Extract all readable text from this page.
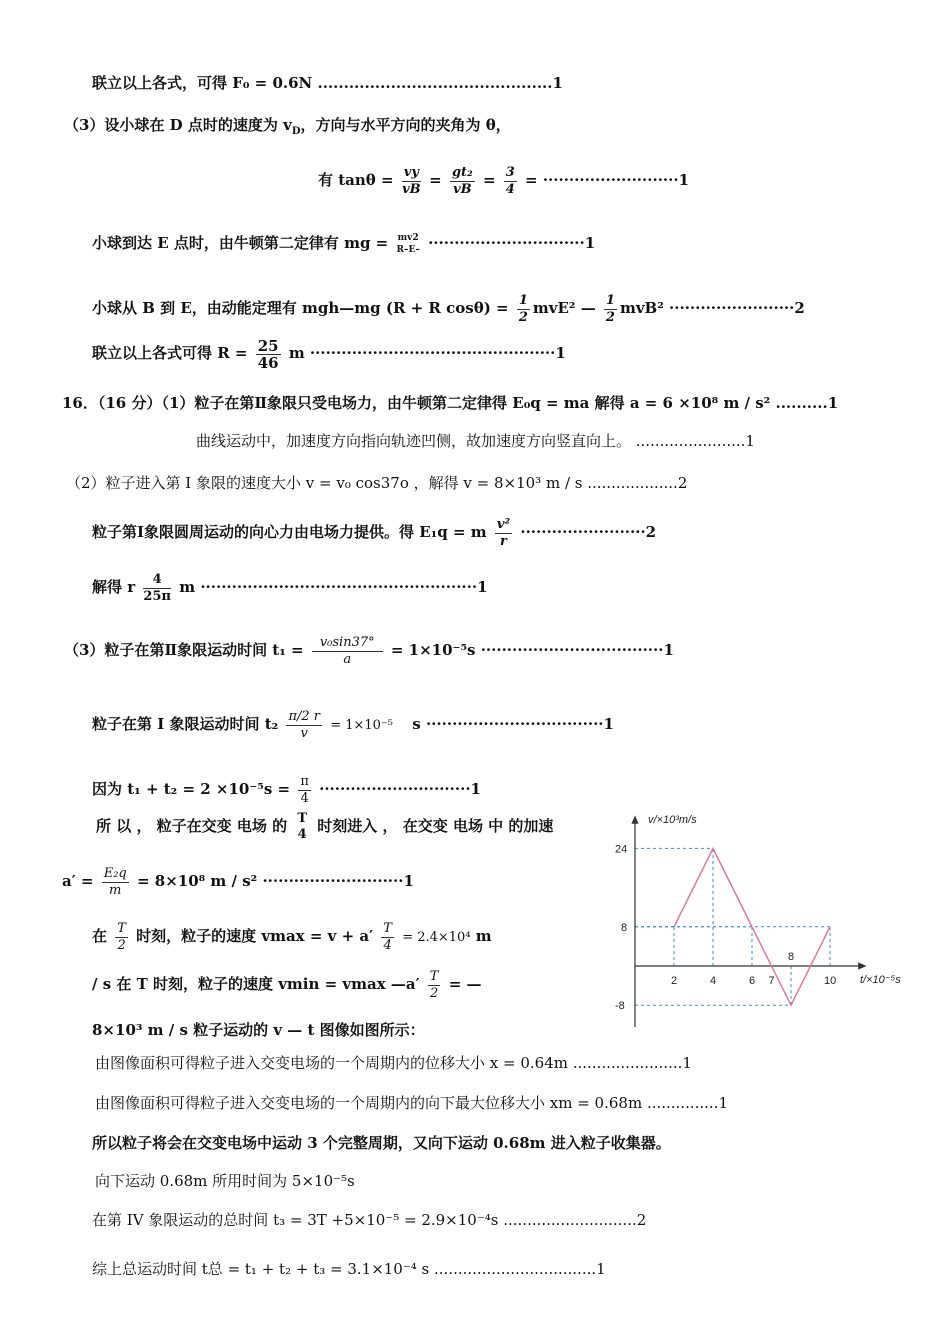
联立以上各式，可得 F₀ = 0.6N .............................................1
（3）设小球在 D 点时的速度为 $v_D$，方向与水平方向的夹角为 θ，
有 $\tan\theta = \frac{vy}{vB} = \frac{\text{gt₂}}{vB} = \frac{3}{4} = \cdot\cdot\cdot\cdot\cdot\cdot\cdot\cdot\cdot\cdot\cdot\cdot\cdot\cdot\cdot\cdot\cdot\cdot\cdot\cdot\cdot\cdot\cdot\cdot\cdot\cdot 1$
小球到达 E 点时，由牛顿第二定律有 mg = mv2
R–E– ······························1
小球从 B 到 E，由动能定理有 mgh—mg (R + R $\cos\theta) = \frac{1}{2} mvE^2$ — $\frac{1}{2} mvB^2 \cdot\cdot\cdot\cdot\cdot\cdot\cdot\cdot\cdot\cdot\cdot\cdot\cdot\cdot\cdot\cdot\cdot\cdot\cdot\cdot\cdot\cdot\cdot\cdot 2$
联立以上各式可得 $R = \frac{25}{46}$ m ···············································1
16．（16 分）（1）粒子在第Ⅱ象限只受电场力，由牛顿第二定律得 E₀q = ma 解得 a = 6 ×10⁸ m / s² ..........1
曲线运动中，加速度方向指向轨迹凹侧，故加速度方向竖直向上。 .......................1
（2）粒子进入第 I 象限的速度大小 v = v₀ cos37o ，解得 v = 8×10³ m / s ...................2
粒子第Ⅰ象限圆周运动的向心力由电场力提供。得 E₁q = m $\frac{\text{v²}}{r} \cdot\cdot\cdot\cdot\cdot\cdot\cdot\cdot\cdot\cdot\cdot\cdot\cdot\cdot\cdot\cdot\cdot\cdot\cdot\cdot\cdot\cdot\cdot\cdot 2$
解得 r $\frac{4}{25\pi}$ m ·····················································1
（3）粒子在第Ⅱ象限运动时间 $t_1 = \frac{\text{v₀sin37°}}{a} = 1\times 10^{-5}s \cdot\cdot\cdot\cdot\cdot\cdot\cdot\cdot\cdot\cdot\cdot\cdot\cdot\cdot\cdot\cdot\cdot\cdot\cdot\cdot\cdot\cdot\cdot\cdot\cdot\cdot\cdot\cdot\cdot\cdot\cdot\cdot\cdot\cdot\cdot 1$
粒子在第 I 象限运动时间 $t_2 \frac{\pi/2 r}{v} = 1\times 10^{-5}$ s ··································1
因为 $t_1 + t_2 = 2 \times 10^{-5}s = \frac{\pi}{4} \cdot\cdot\cdot\cdot\cdot\cdot\cdot\cdot\cdot\cdot\cdot\cdot\cdot\cdot\cdot\cdot\cdot\cdot\cdot\cdot\cdot\cdot\cdot\cdot\cdot\cdot\cdot\cdot\cdot 1$
所 以 ， 粒子在交变 电场 的 T
4 时刻进入 ， 在交变 电场 中 的加速
$a' = \frac{\text{E₂q}}{m} = 8\times 10^8$ m / s² ···························1
在 $\frac{T}{2}$ 时刻，粒子的速度 $vmax = v + a' \frac{T}{4} = 2.4\times 10^4$ m
/ s 在 T 时刻，粒子的速度 vmin = vmax —a′ $\frac{T}{2}$ = —
8×10³ m / s 粒子运动的 v — t 图像如图所示：
由图像面积可得粒子进入交变电场的一个周期内的位移大小 x = 0.64m .......................1
由图像面积可得粒子进入交变电场的一个周期内的向下最大位移大小 xm = 0.68m ...............1
所以粒子将会在交变电场中运动 3 个完整周期，又向下运动 0.68m 进入粒子收集器。
向下运动 0.68m 所用时间为 5×10⁻⁵s
在第 IV 象限运动的总时间 t₃ = 3T +5×10⁻⁵ = 2.9×10⁻⁴s ............................2
综上总运动时间 t总 = t₁ + t₂ + t₃ = 3.1×10⁻⁴ s ..................................1
v/×10³m/s
t/×10⁻⁵s
2	4	6 7
8
10
24
8
-8
